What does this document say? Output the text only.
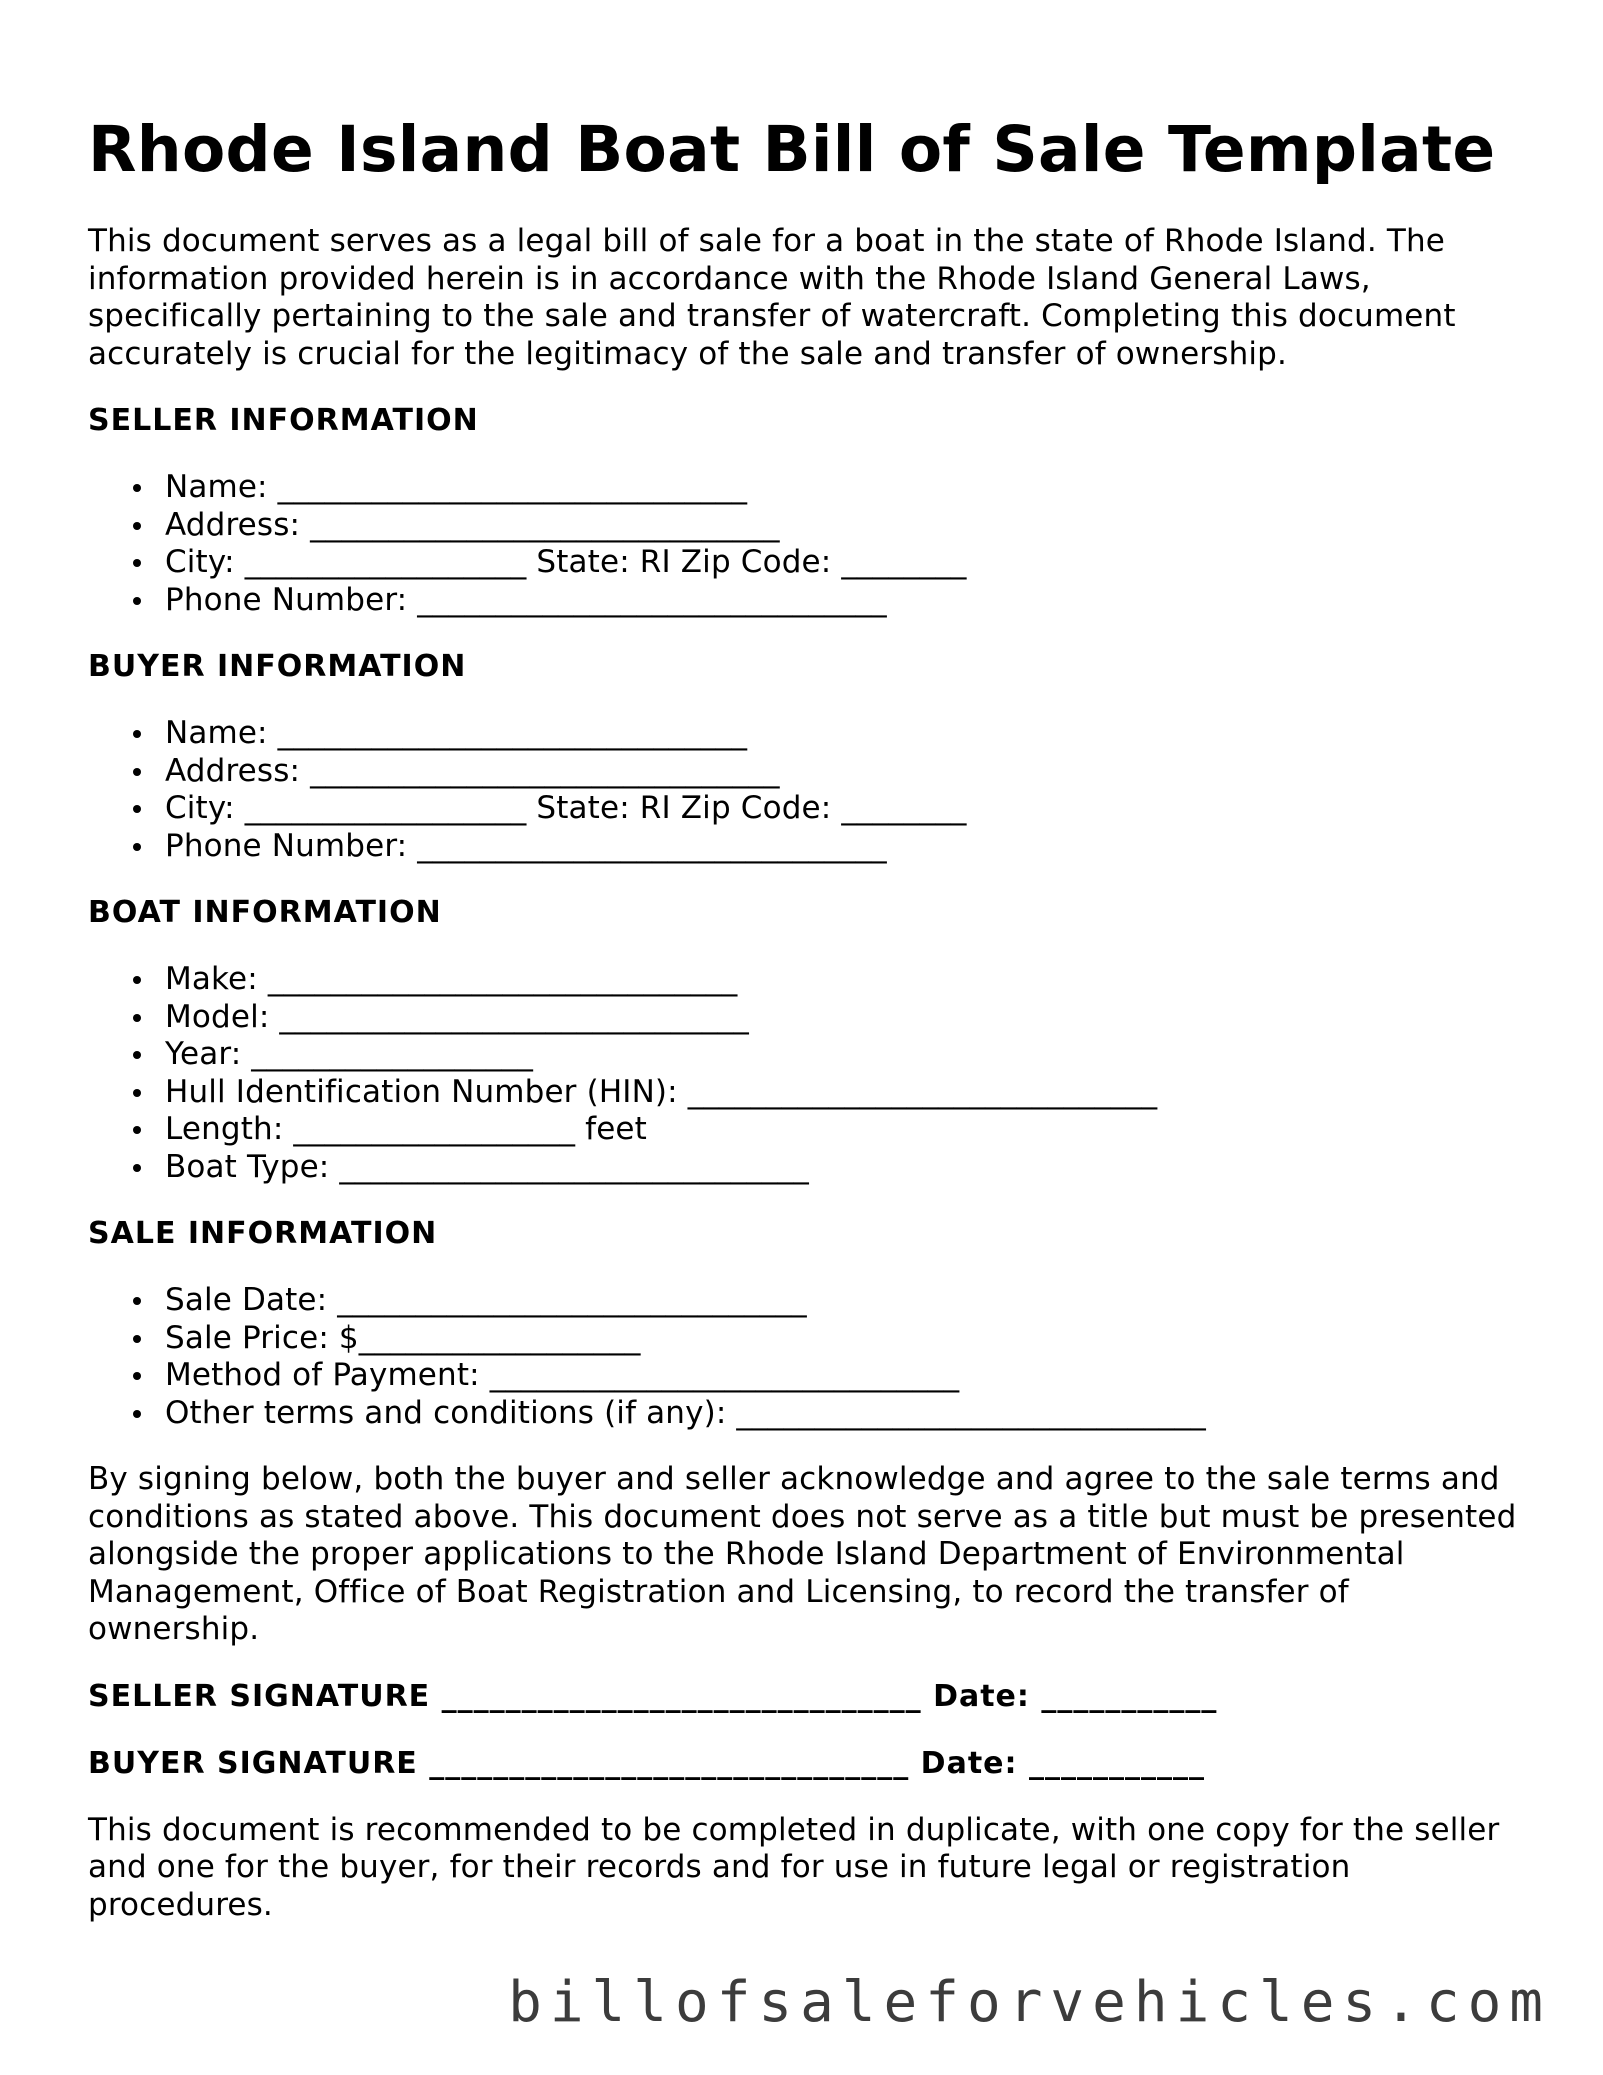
Rhode Island Boat Bill of Sale Template

This document serves as a legal bill of sale for a boat in the state of Rhode Island. The information provided herein is in accordance with the Rhode Island General Laws, specifically pertaining to the sale and transfer of watercraft. Completing this document accurately is crucial for the legitimacy of the sale and transfer of ownership.

SELLER INFORMATION
Name: ______________________________
Address: ______________________________
City: __________________ State: RI Zip Code: ________
Phone Number: ______________________________
BUYER INFORMATION
Name: ______________________________
Address: ______________________________
City: __________________ State: RI Zip Code: ________
Phone Number: ______________________________
BOAT INFORMATION
Make: ______________________________
Model: ______________________________
Year: __________________
Hull Identification Number (HIN): ______________________________
Length: __________________ feet
Boat Type: ______________________________
SALE INFORMATION
Sale Date: ______________________________
Sale Price: $__________________
Method of Payment: ______________________________
Other terms and conditions (if any): ______________________________

By signing below, both the buyer and seller acknowledge and agree to the sale terms and conditions as stated above. This document does not serve as a title but must be presented alongside the proper applications to the Rhode Island Department of Environmental Management, Office of Boat Registration and Licensing, to record the transfer of ownership.

SELLER SIGNATURE ______________________________ Date: ___________
BUYER SIGNATURE ______________________________ Date: ___________

This document is recommended to be completed in duplicate, with one copy for the seller and one for the buyer, for their records and for use in future legal or registration procedures.

billofsaleforvehicles.com
